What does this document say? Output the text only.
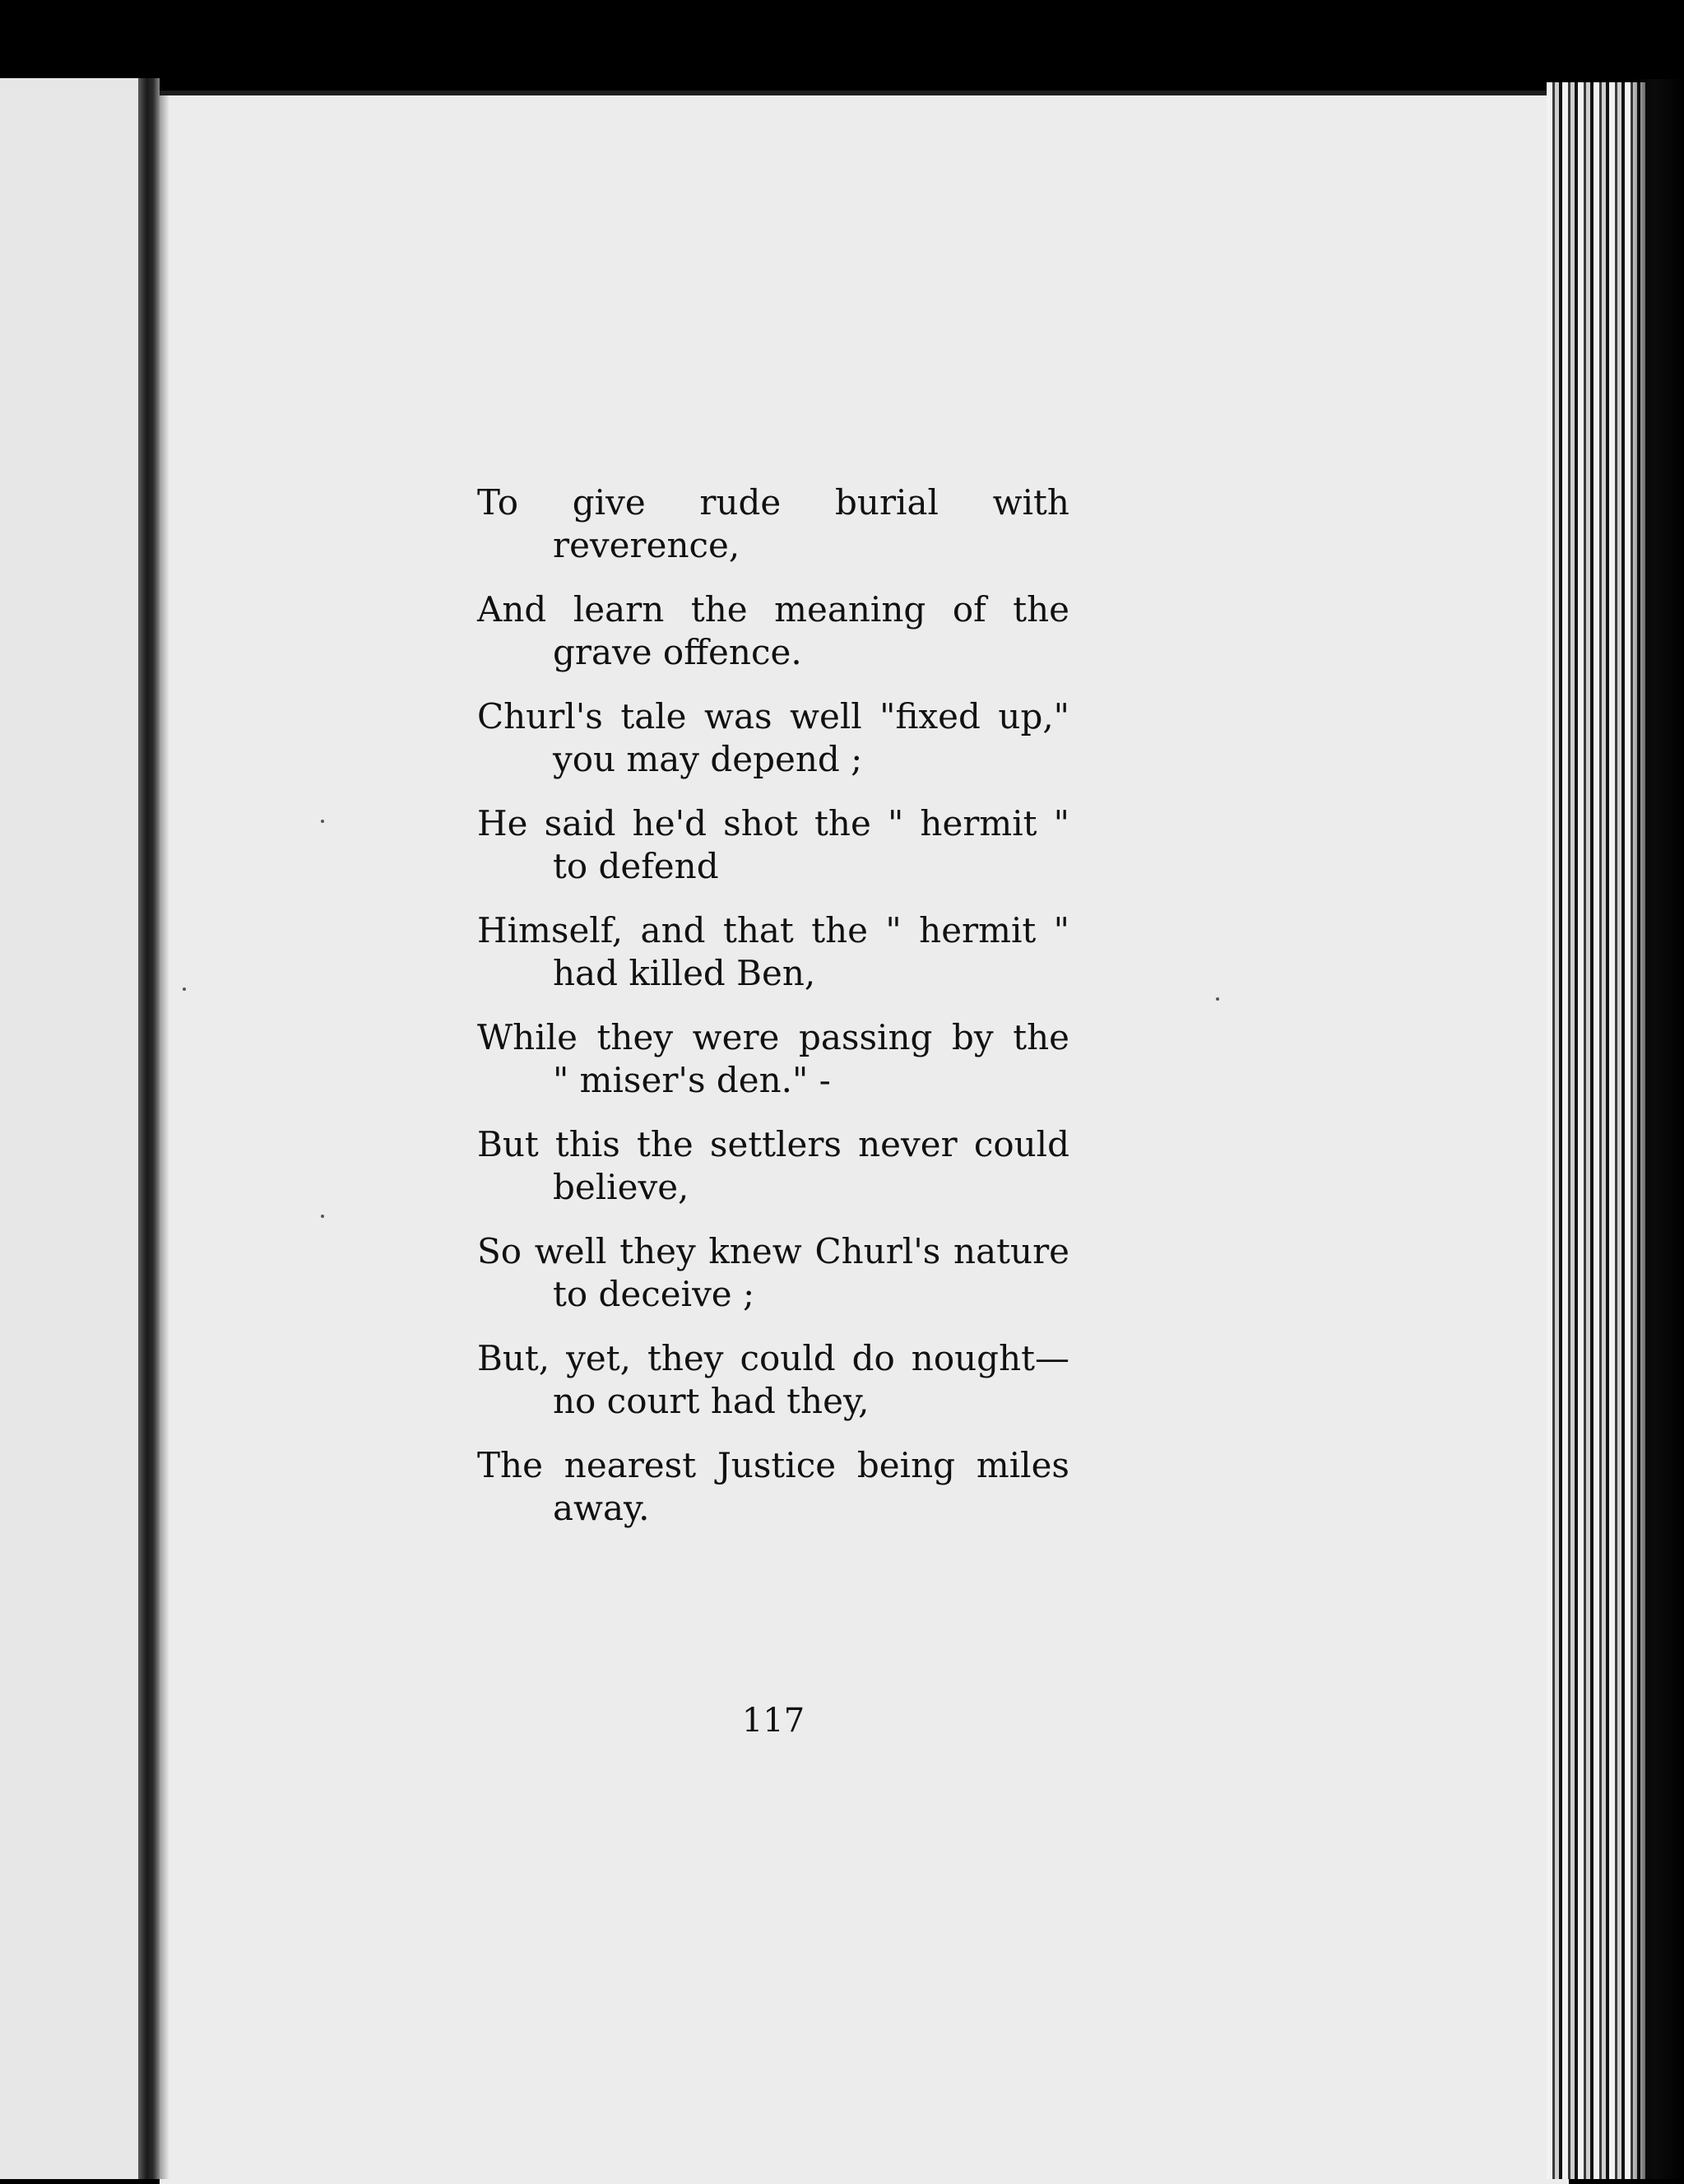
To give rude burial with
reverence,
And learn the meaning of the
grave offence.
Churl's tale was well "fixed up,"
you may depend ;
He said he'd shot the " hermit "
to defend
Himself, and that the " hermit "
had killed Ben,
While they were passing by the
" miser's den." -
But this the settlers never could
believe,
So well they knew Churl's nature
to deceive ;
But, yet, they could do nought—
no court had they,
The nearest Justice being miles
away.
117
